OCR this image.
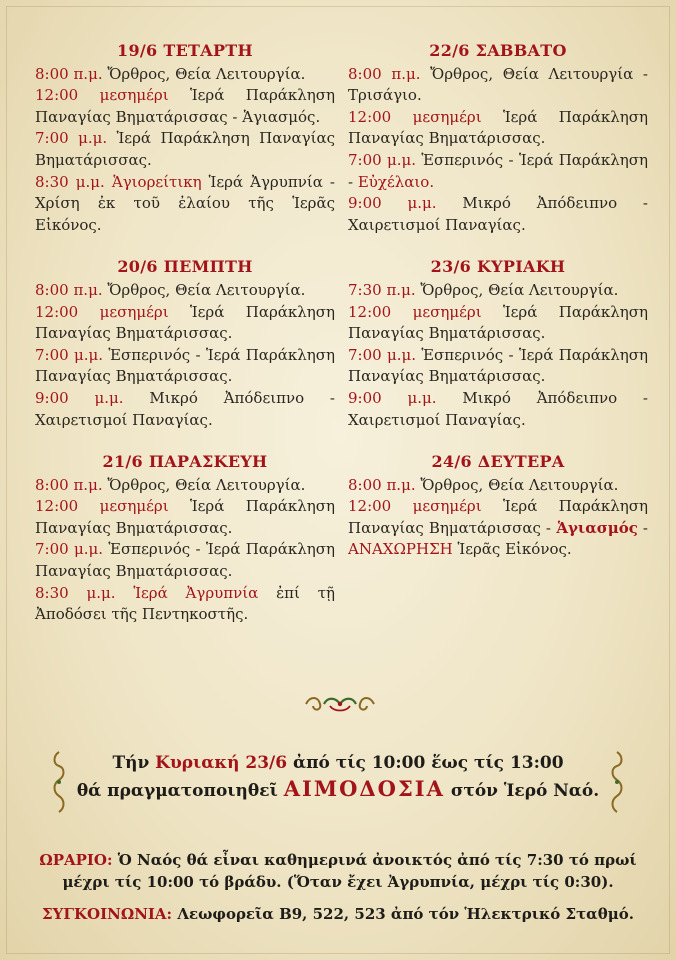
19/6 ΤΕΤΑΡΤΗ
8:00 π.μ. Ὄρθρος, Θεία Λειτουργία.
12:00 μεσημέρι Ἱερά Παράκληση Παναγίας Βηματάρισσας - Ἁγιασμός.
7:00 μ.μ. Ἱερά Παράκληση Παναγίας Βηματάρισσας.
8:30 μ.μ. Ἁγιορείτικη Ἱερά Ἀγρυπνία - Χρίση ἐκ τοῦ ἐλαίου τῆς Ἱερᾶς Εἰκόνος.
20/6 ΠΕΜΠΤΗ
8:00 π.μ. Ὄρθρος, Θεία Λειτουργία.
12:00 μεσημέρι Ἱερά Παράκληση Παναγίας Βηματάρισσας.
7:00 μ.μ. Ἑσπερινός - Ἱερά Παράκληση Παναγίας Βηματάρισσας.
9:00 μ.μ. Μικρό Ἀπόδειπνο - Χαιρετισμοί Παναγίας.
21/6 ΠΑΡΑΣΚΕΥΗ
8:00 π.μ. Ὄρθρος, Θεία Λειτουργία.
12:00 μεσημέρι Ἱερά Παράκληση Παναγίας Βηματάρισσας.
7:00 μ.μ. Ἑσπερινός - Ἱερά Παράκληση Παναγίας Βηματάρισσας.
8:30 μ.μ. Ἱερά Ἀγρυπνία ἐπί τῇ Ἀποδόσει τῆς Πεντηκοστῆς.
22/6 ΣΑΒΒΑΤΟ
8:00 π.μ. Ὄρθρος, Θεία Λειτουργία - Τρισάγιο.
12:00 μεσημέρι Ἱερά Παράκληση Παναγίας Βηματάρισσας.
7:00 μ.μ. Ἑσπερινός - Ἱερά Παράκληση - Εὐχέλαιο.
9:00 μ.μ. Μικρό Ἀπόδειπνο - Χαιρετισμοί Παναγίας.
23/6 ΚΥΡΙΑΚΗ
7:30 π.μ. Ὄρθρος, Θεία Λειτουργία.
12:00 μεσημέρι Ἱερά Παράκληση Παναγίας Βηματάρισσας.
7:00 μ.μ. Ἑσπερινός - Ἱερά Παράκληση Παναγίας Βηματάρισσας.
9:00 μ.μ. Μικρό Ἀπόδειπνο - Χαιρετισμοί Παναγίας.
24/6 ΔΕΥΤΕΡΑ
8:00 π.μ. Ὄρθρος, Θεία Λειτουργία.
12:00 μεσημέρι Ἱερά Παράκληση Παναγίας Βηματάρισσας - Ἁγιασμός - ΑΝΑΧΩΡΗΣΗ Ἱερᾶς Εἰκόνος.
Τήν Κυριακή 23/6 ἀπό τίς 10:00 ἕως τίς 13:00
θά πραγματοποιηθεῖ ΑΙΜΟΔΟΣΙΑ στόν Ἱερό Ναό.

ΩΡΑΡΙΟ: Ὁ Ναός θά εἶναι καθημερινά ἀνοικτός ἀπό τίς 7:30 τό πρωί μέχρι τίς 10:00 τό βράδυ. (Ὅταν ἔχει Ἀγρυπνία, μέχρι τίς 0:30).

ΣΥΓΚΟΙΝΩΝΙΑ: Λεωφορεῖα Β9, 522, 523 ἀπό τόν Ἡλεκτρικό Σταθμό.
